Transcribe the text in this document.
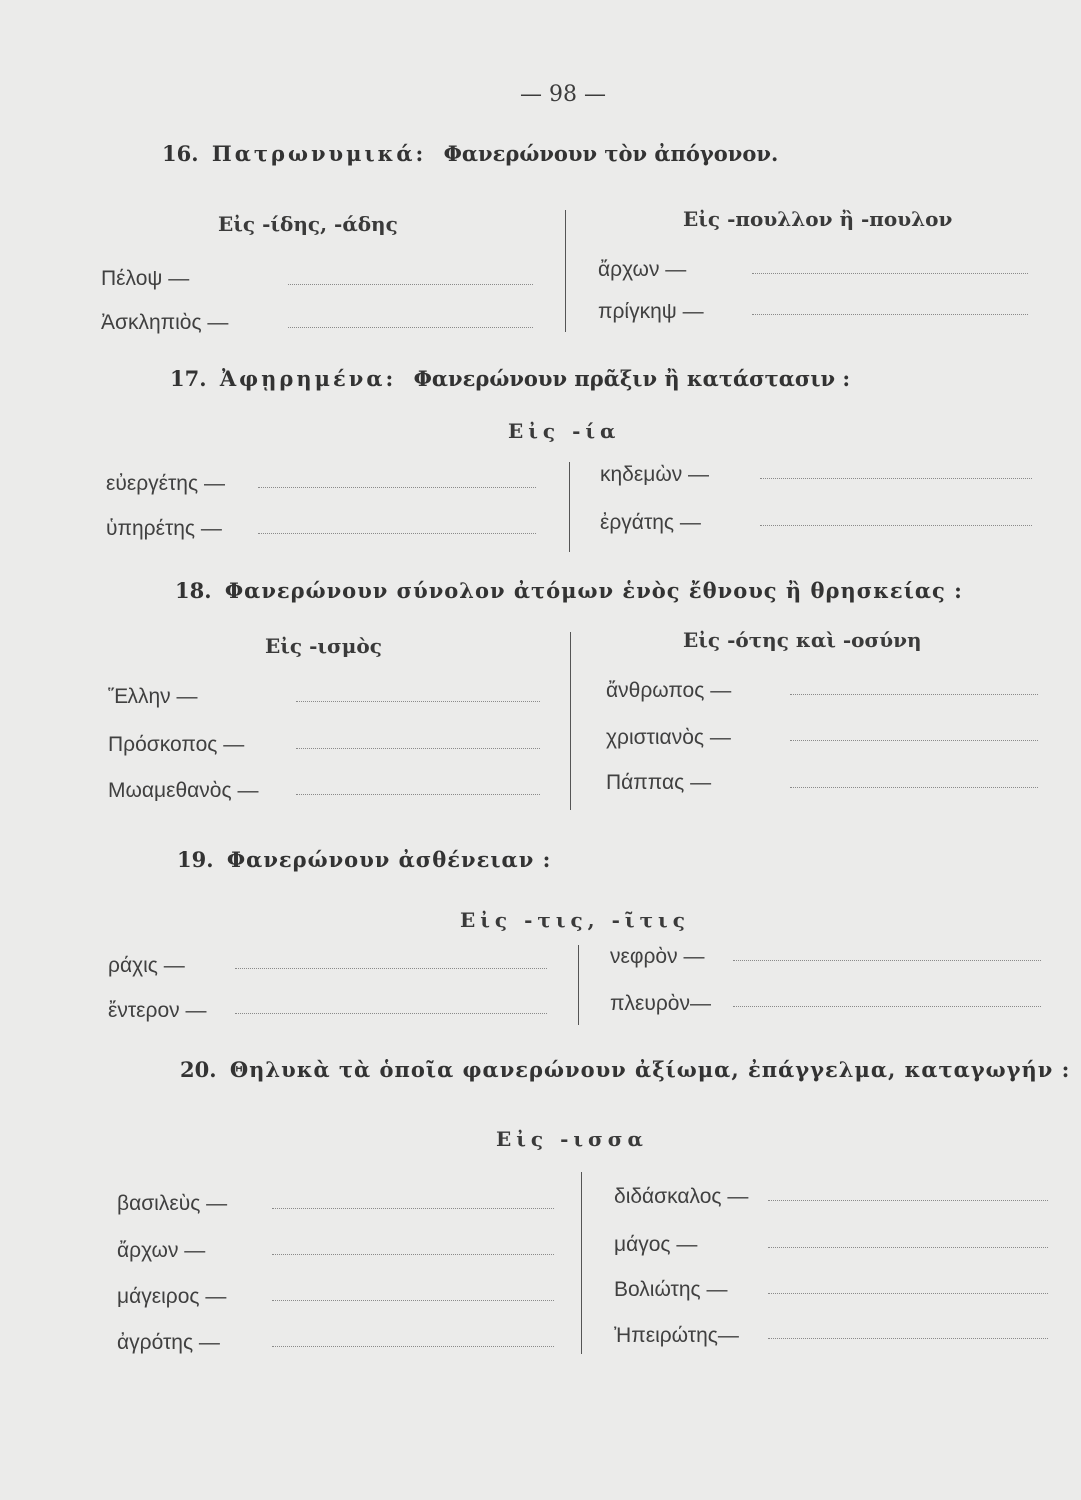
— 98 —
16. Πατρωνυμικά: Φανερώνουν τὸν ἀπόγονον.
Εἰς -ίδης, -άδης	Εἰς -πουλλον ἢ -πουλον
Πέλοψ —
Ἀσκληπιὸς —
ἄρχων —
πρίγκηψ —
17. Ἀφῃρημένα: Φανερώνουν πρᾶξιν ἢ κατάστασιν :
Εἰς -ία
εὐεργέτης —
ὑπηρέτης —
κηδεμὼν —
ἐργάτης —
18. Φανερώνουν σύνολον ἀτόμων ἑνὸς ἔθνους ἢ θρησκείας :
Εἰς -ισμὸς	Εἰς -ότης καὶ -οσύνη
Ἕλλην —
Πρόσκοπος —
Μωαμεθανὸς —
ἄνθρωπος —
χριστιανὸς —
Πάππας —
19. Φανερώνουν ἀσθένειαν :
Εἰς -τις, -ῖτις
ράχις —
ἔντερον —
νεφρὸν —
πλευρὸν—
20. Θηλυκὰ τὰ ὁποῖα φανερώνουν ἀξίωμα, ἐπάγγελμα, καταγωγήν :
Εἰς -ισσα
βασιλεὺς —
ἄρχων —
μάγειρος —
ἀγρότης —
διδάσκαλος —
μάγος —
Βολιώτης —
Ἠπειρώτης—
